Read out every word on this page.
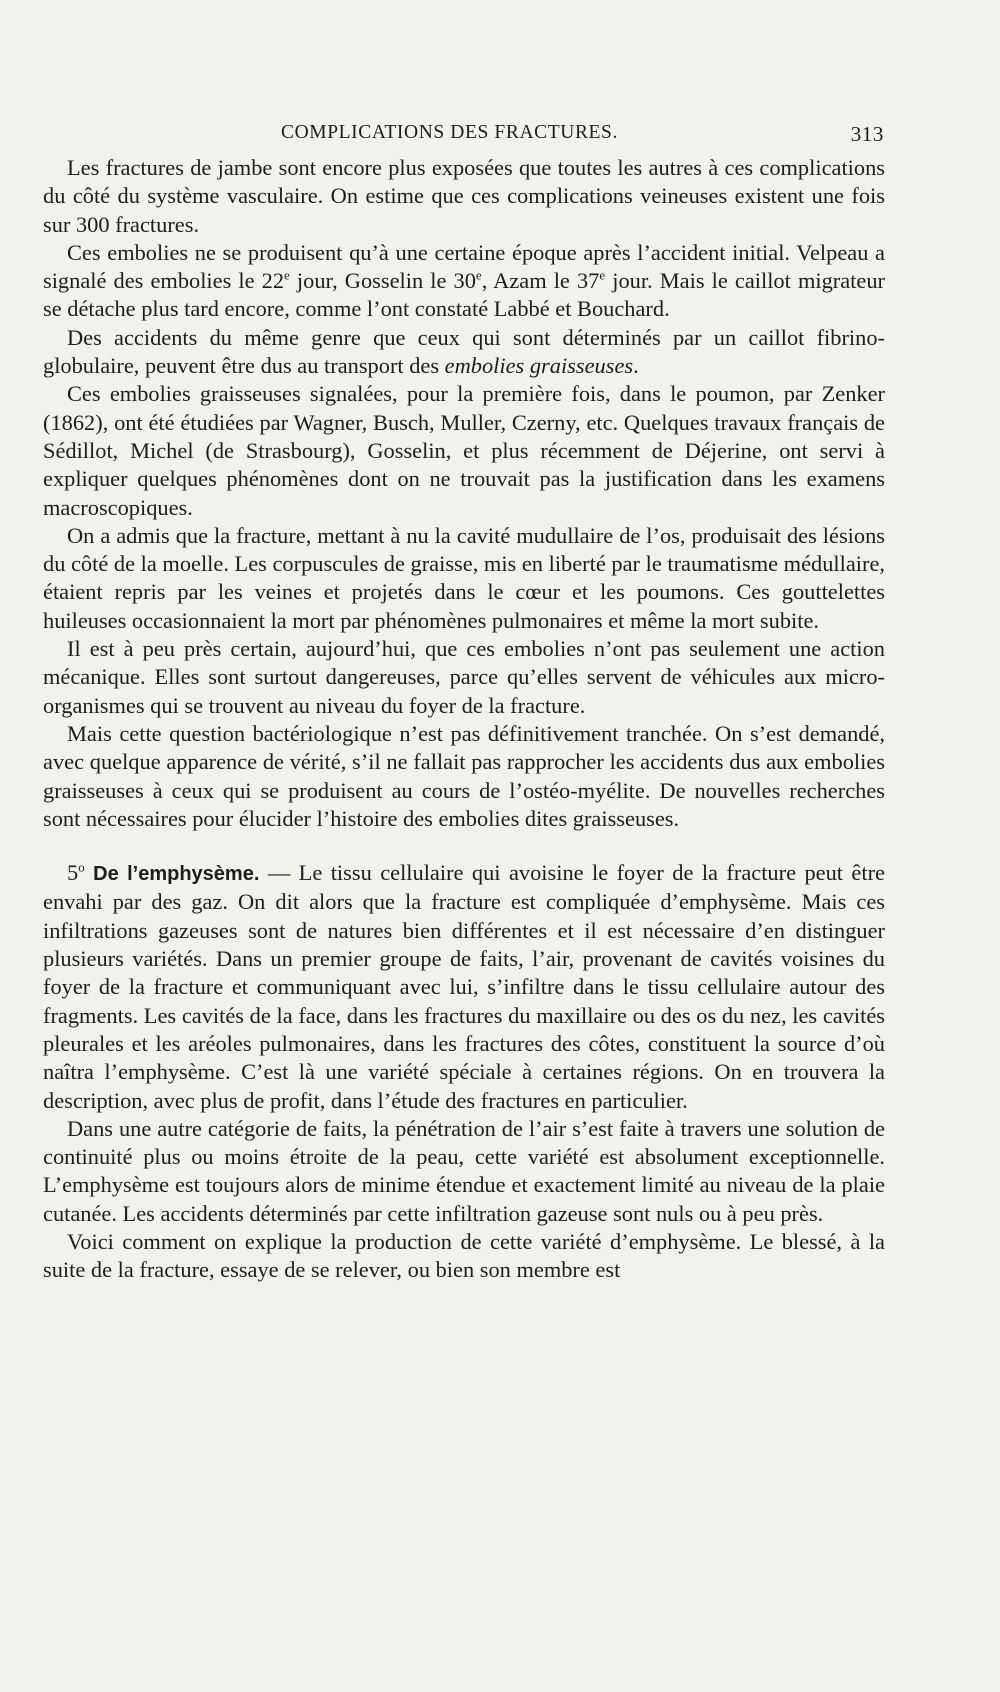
COMPLICATIONS DES FRACTURES.	313

Les fractures de jambe sont encore plus exposées que toutes les autres à ces complications du côté du système vasculaire. On estime que ces complications veineuses existent une fois sur 300 fractures.

Ces embolies ne se produisent qu’à une certaine époque après l’accident initial. Velpeau a signalé des embolies le 22e jour, Gosselin le 30e, Azam le 37e jour. Mais le caillot migrateur se détache plus tard encore, comme l’ont constaté Labbé et Bouchard.

Des accidents du même genre que ceux qui sont déterminés par un caillot fibrino-globulaire, peuvent être dus au transport des embolies graisseuses.

Ces embolies graisseuses signalées, pour la première fois, dans le poumon, par Zenker (1862), ont été étudiées par Wagner, Busch, Muller, Czerny, etc. Quelques travaux français de Sédillot, Michel (de Strasbourg), Gosselin, et plus récemment de Déjerine, ont servi à expliquer quelques phénomènes dont on ne trouvait pas la justification dans les examens macroscopiques.

On a admis que la fracture, mettant à nu la cavité mudullaire de l’os, produisait des lésions du côté de la moelle. Les corpuscules de graisse, mis en liberté par le traumatisme médullaire, étaient repris par les veines et projetés dans le cœur et les poumons. Ces gouttelettes huileuses occasionnaient la mort par phénomènes pulmonaires et même la mort subite.

Il est à peu près certain, aujourd’hui, que ces embolies n’ont pas seulement une action mécanique. Elles sont surtout dangereuses, parce qu’elles servent de véhicules aux micro-organismes qui se trouvent au niveau du foyer de la fracture.

Mais cette question bactériologique n’est pas définitivement tranchée. On s’est demandé, avec quelque apparence de vérité, s’il ne fallait pas rapprocher les accidents dus aux embolies graisseuses à ceux qui se produisent au cours de l’ostéo-myélite. De nouvelles recherches sont nécessaires pour élucider l’histoire des embolies dites graisseuses.

5$^o$ De l’emphysème. — Le tissu cellulaire qui avoisine le foyer de la fracture peut être envahi par des gaz. On dit alors que la fracture est compliquée d’emphysème. Mais ces infiltrations gazeuses sont de natures bien différentes et il est nécessaire d’en distinguer plusieurs variétés. Dans un premier groupe de faits, l’air, provenant de cavités voisines du foyer de la fracture et communiquant avec lui, s’infiltre dans le tissu cellulaire autour des fragments. Les cavités de la face, dans les fractures du maxillaire ou des os du nez, les cavités pleurales et les aréoles pulmonaires, dans les fractures des côtes, constituent la source d’où naîtra l’emphysème. C’est là une variété spéciale à certaines régions. On en trouvera la description, avec plus de profit, dans l’étude des fractures en particulier.

Dans une autre catégorie de faits, la pénétration de l’air s’est faite à travers une solution de continuité plus ou moins étroite de la peau, cette variété est absolument exceptionnelle. L’emphysème est toujours alors de minime étendue et exactement limité au niveau de la plaie cutanée. Les accidents déterminés par cette infiltration gazeuse sont nuls ou à peu près.

Voici comment on explique la production de cette variété d’emphysème. Le blessé, à la suite de la fracture, essaye de se relever, ou bien son membre est
